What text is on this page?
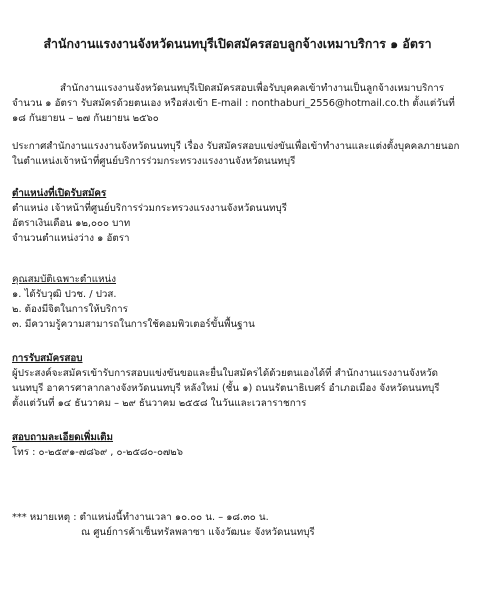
สำนักงานแรงงานจังหวัดนนทบุรีเปิดสมัครสอบลูกจ้างเหมาบริการ ๑ อัตรา
สำนักงานแรงงานจังหวัดนนทบุรีเปิดสมัครสอบเพื่อรับบุคคลเข้าทำงานเป็นลูกจ้างเหมาบริการ
จำนวน ๑ อัตรา รับสมัครด้วยตนเอง หรือส่งเข้า E-mail : nonthaburi_2556@hotmail.co.th ตั้งแต่วันที่
๑๘ กันยายน – ๒๗ กันยายน ๒๕๖๐
ประกาศสำนักงานแรงงานจังหวัดนนทบุรี เรื่อง รับสมัครสอบแข่งขันเพื่อเข้าทำงานและแต่งตั้งบุคคลภายนอก
ในตำแหน่งเจ้าหน้าที่ศูนย์บริการร่วมกระทรวงแรงงานจังหวัดนนทบุรี
ตำแหน่งที่เปิดรับสมัคร
ตำแหน่ง เจ้าหน้าที่ศูนย์บริการร่วมกระทรวงแรงงานจังหวัดนนทบุรี
อัตราเงินเดือน ๑๒,๐๐๐ บาท
จำนวนตำแหน่งว่าง ๑ อัตรา
คุณสมบัติเฉพาะตำแหน่ง
๑. ได้รับวุฒิ ปวช. / ปวส.
๒. ต้องมีจิตในการให้บริการ
๓. มีความรู้ความสามารถในการใช้คอมพิวเตอร์ขั้นพื้นฐาน
การรับสมัครสอบ
ผู้ประสงค์จะสมัครเข้ารับการสอบแข่งขันขอและยื่นใบสมัครได้ด้วยตนเองได้ที่ สำนักงานแรงงานจังหวัด
นนทบุรี อาคารศาลากลางจังหวัดนนทบุรี หลังใหม่ (ชั้น ๑) ถนนรัตนาธิเบศร์ อำเภอเมือง จังหวัดนนทบุรี
ตั้งแต่วันที่ ๑๔ ธันวาคม – ๒๙ ธันวาคม ๒๕๕๘ ในวันและเวลาราชการ
สอบถามละเอียดเพิ่มเติม
โทร : ๐-๒๕๙๑-๗๘๖๙ , ๐-๒๕๘๐-๐๗๒๖
*** หมายเหตุ : ตำแหน่งนี้ทำงานเวลา ๑๐.๐๐ น. – ๑๘.๓๐ น.
ณ ศูนย์การค้าเซ็นทรัลพลาซา แจ้งวัฒนะ จังหวัดนนทบุรี
